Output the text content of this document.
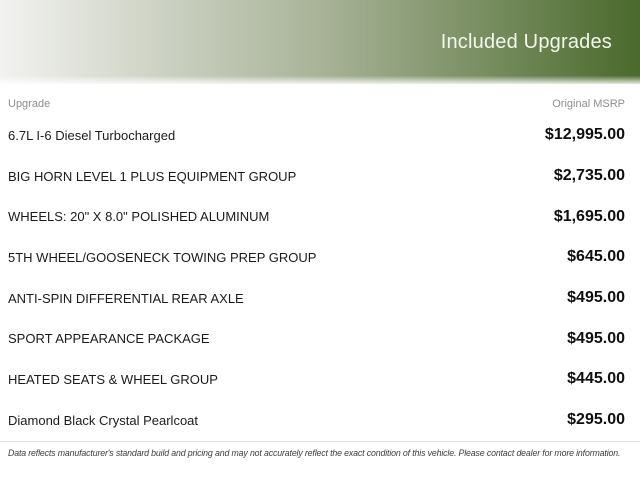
Included Upgrades
Upgrade	Original MSRP
6.7L I-6 Diesel Turbocharged	$12,995.00
BIG HORN LEVEL 1 PLUS EQUIPMENT GROUP	$2,735.00
WHEELS: 20" X 8.0" POLISHED ALUMINUM	$1,695.00
5TH WHEEL/GOOSENECK TOWING PREP GROUP	$645.00
ANTI-SPIN DIFFERENTIAL REAR AXLE	$495.00
SPORT APPEARANCE PACKAGE	$495.00
HEATED SEATS & WHEEL GROUP	$445.00
Diamond Black Crystal Pearlcoat	$295.00
Data reflects manufacturer's standard build and pricing and may not accurately reflect the exact condition of this vehicle. Please contact dealer for more information.
